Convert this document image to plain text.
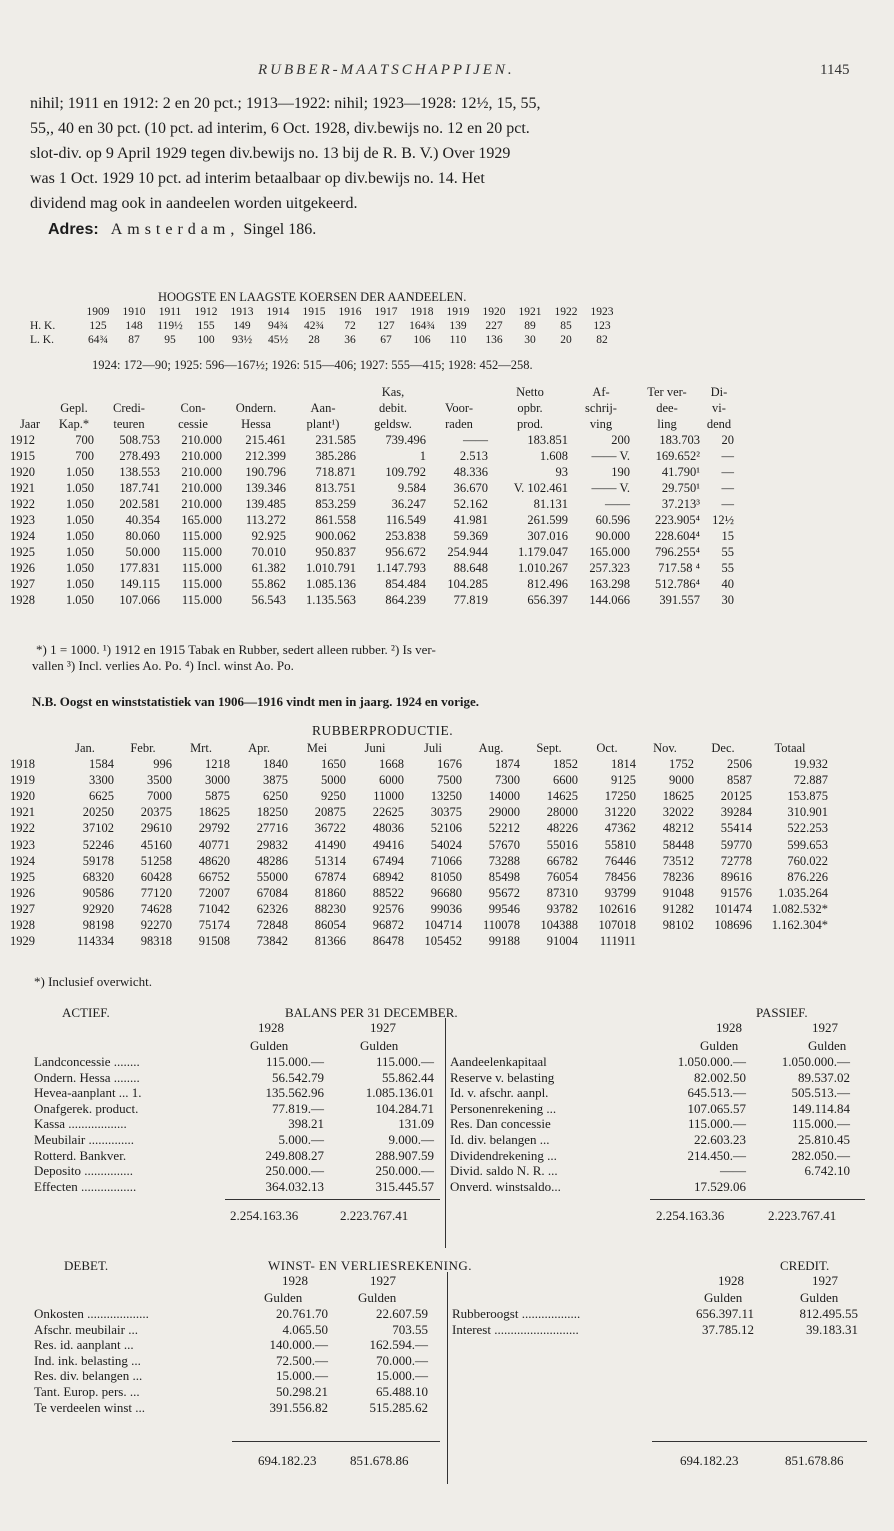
RUBBER-MAATSCHAPPIJEN.	1145
nihil; 1911 en 1912: 2 en 20 pct.; 1913—1922: nihil; 1923—1928: 12½, 15, 55,
55,, 40 en 30 pct. (10 pct. ad interim, 6 Oct. 1928, div.bewijs no. 12 en 20 pct.
slot-div. op 9 April 1929 tegen div.bewijs no. 13 bij de R. B. V.) Over 1929
was 1 Oct. 1929 10 pct. ad interim betaalbaar op div.bewijs no. 14. Het
dividend mag ook in aandeelen worden uitgekeerd.
Adres: Amsterdam, Singel 186.
HOOGSTE EN LAAGSTE KOERSEN DER AANDEELEN.
	1909	1910	1911	1912	1913	1914	1915	1916	1917	1918	1919	1920	1921	1922	1923
H. K.	125	148	119½	155	149	94¾	42¾	72	127	164¾	139	227	89	85	123
L. K.	64¾	87	95	100	93½	45½	28	36	67	106	110	136	30	20	82
1924: 172—90; 1925: 596—167½; 1926: 515—406; 1927: 555—415; 1928: 452—258.
						Kas,		Netto	Af-	Ter ver-	Di-
	Gepl.	Credi-	Con-	Ondern.	Aan-	debit.	Voor-	opbr.	schrij-	dee-	vi-
Jaar	Kap.*	teuren	cessie	Hessa	plant¹)	geldsw.	raden	prod.	ving	ling	dend
1912	700	508.753	210.000	215.461	231.585	739.496	——	183.851	200	183.703	20
1915	700	278.493	210.000	212.399	385.286	1	2.513	1.608	—— V.	169.652²	—
1920	1.050	138.553	210.000	190.796	718.871	109.792	48.336	93	190	41.790¹	—
1921	1.050	187.741	210.000	139.346	813.751	9.584	36.670	V. 102.461	—— V.	29.750¹	—
1922	1.050	202.581	210.000	139.485	853.259	36.247	52.162	81.131	——	37.213³	—
1923	1.050	40.354	165.000	113.272	861.558	116.549	41.981	261.599	60.596	223.905⁴	12½
1924	1.050	80.060	115.000	92.925	900.062	253.838	59.369	307.016	90.000	228.604⁴	15
1925	1.050	50.000	115.000	70.010	950.837	956.672	254.944	1.179.047	165.000	796.255⁴	55
1926	1.050	177.831	115.000	61.382	1.010.791	1.147.793	88.648	1.010.267	257.323	717.58 ⁴	55
1927	1.050	149.115	115.000	55.862	1.085.136	854.484	104.285	812.496	163.298	512.786⁴	40
1928	1.050	107.066	115.000	56.543	1.135.563	864.239	77.819	656.397	144.066	391.557	30
*) 1 = 1000. ¹) 1912 en 1915 Tabak en Rubber, sedert alleen rubber. ²) Is ver-
vallen ³) Incl. verlies Ao. Po. ⁴) Incl. winst Ao. Po.
N.B. Oogst en winststatistiek van 1906—1916 vindt men in jaarg. 1924 en vorige.
RUBBERPRODUCTIE.
	Jan.	Febr.	Mrt.	Apr.	Mei	Juni	Juli	Aug.	Sept.	Oct.	Nov.	Dec.	Totaal
1918	1584	996	1218	1840	1650	1668	1676	1874	1852	1814	1752	2506	19.932
1919	3300	3500	3000	3875	5000	6000	7500	7300	6600	9125	9000	8587	72.887
1920	6625	7000	5875	6250	9250	11000	13250	14000	14625	17250	18625	20125	153.875
1921	20250	20375	18625	18250	20875	22625	30375	29000	28000	31220	32022	39284	310.901
1922	37102	29610	29792	27716	36722	48036	52106	52212	48226	47362	48212	55414	522.253
1923	52246	45160	40771	29832	41490	49416	54024	57670	55016	55810	58448	59770	599.653
1924	59178	51258	48620	48286	51314	67494	71066	73288	66782	76446	73512	72778	760.022
1925	68320	60428	66752	55000	67874	68942	81050	85498	76054	78456	78236	89616	876.226
1926	90586	77120	72007	67084	81860	88522	96680	95672	87310	93799	91048	91576	1.035.264
1927	92920	74628	71042	62326	88230	92576	99036	99546	93782	102616	91282	101474	1.082.532*
1928	98198	92270	75174	72848	86054	96872	104714	110078	104388	107018	98102	108696	1.162.304*
1929	114334	98318	91508	73842	81366	86478	105452	99188	91004	111911			
*) Inclusief overwicht.
ACTIEF.	BALANS PER 31 DECEMBER.	PASSIEF.
1928	1927	1928	1927
Gulden	Gulden	Gulden	Gulden
Landconcessie ........	115.000.—	115.000.—
Ondern. Hessa ........	56.542.79	55.862.44
Hevea-aanplant ... 1.	135.562.96	1.085.136.01
Onafgerek. product.	77.819.—	104.284.71
Kassa ..................	398.21	131.09
Meubilair ..............	5.000.—	9.000.—
Rotterd. Bankver.	249.808.27	288.907.59
Deposito ...............	250.000.—	250.000.—
Effecten .................	364.032.13	315.445.57
Aandeelenkapitaal	1.050.000.—	1.050.000.—
Reserve v. belasting	82.002.50	89.537.02
Id. v. afschr. aanpl.	645.513.—	505.513.—
Personenrekening ...	107.065.57	149.114.84
Res. Dan concessie	115.000.—	115.000.—
Id. div. belangen ...	22.603.23	25.810.45
Dividendrekening ...	214.450.—	282.050.—
Divid. saldo N. R. ...	——	6.742.10
Onverd. winstsaldo...	17.529.06	
2.254.163.36	2.223.767.41	2.254.163.36	2.223.767.41
DEBET.	WINST- EN VERLIESREKENING.	CREDIT.
1928	1927	1928	1927
Gulden	Gulden	Gulden	Gulden
Onkosten ...................	20.761.70	22.607.59
Afschr. meubilair ...	4.065.50	703.55
Res. id. aanplant ...	140.000.—	162.594.—
Ind. ink. belasting ...	72.500.—	70.000.—
Res. div. belangen ...	15.000.—	15.000.—
Tant. Europ. pers. ...	50.298.21	65.488.10
Te verdeelen winst ...	391.556.82	515.285.62
Rubberoogst ..................	656.397.11	812.495.55
Interest ..........................	37.785.12	39.183.31
694.182.23	851.678.86	694.182.23	851.678.86
